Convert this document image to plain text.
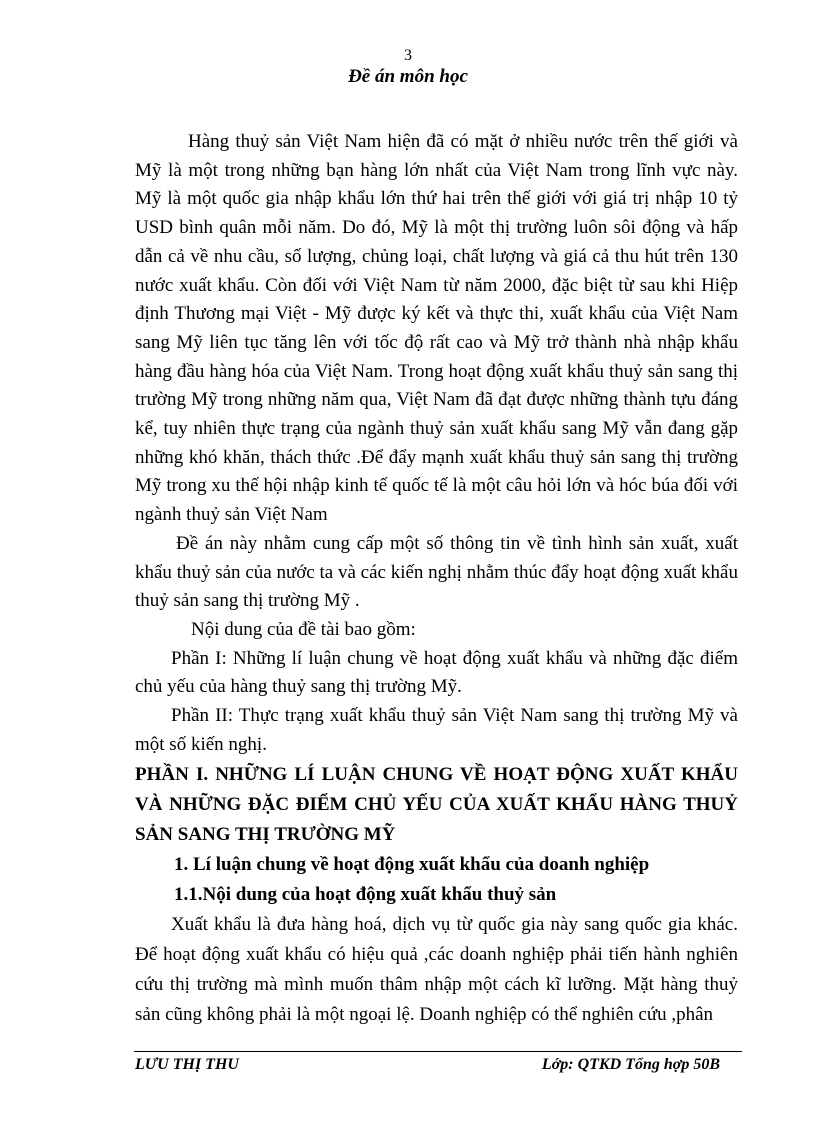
3
Đề án môn học

Hàng thuỷ sản Việt Nam hiện đã có mặt ở nhiều nước trên thế giới và Mỹ là một trong những bạn hàng lớn nhất của Việt Nam trong lĩnh vực này. Mỹ là một quốc gia nhập khẩu lớn thứ hai trên thế giới với giá trị nhập 10 tỷ USD bình quân mỗi năm. Do đó, Mỹ là một thị trường luôn sôi động và hấp dẫn cả về nhu cầu, số lượng, chủng loại, chất lượng và giá cả thu hút trên 130 nước xuất khẩu. Còn đối với Việt Nam từ năm 2000, đặc biệt từ sau khi Hiệp định Thương mại Việt - Mỹ được ký kết và thực thi, xuất khẩu của Việt Nam sang Mỹ liên tục tăng lên với tốc độ rất cao và Mỹ trở thành nhà nhập khẩu hàng đầu hàng hóa của Việt Nam. Trong hoạt động xuất khẩu thuỷ sản sang thị trường Mỹ trong những năm qua, Việt Nam đã đạt được những thành tựu đáng kể, tuy nhiên thực trạng của ngành thuỷ sản xuất khẩu sang Mỹ vẫn đang gặp những khó khăn, thách thức .Để đẩy mạnh xuất khẩu thuỷ sản sang thị trường Mỹ trong xu thế hội nhập kinh tế quốc tế là một câu hỏi lớn và hóc búa đối với ngành thuỷ sản Việt Nam

Đề án này nhằm cung cấp một số thông tin về tình hình sản xuất, xuất khẩu thuỷ sản của nước ta và các kiến nghị nhằm thúc đẩy hoạt động xuất khẩu thuỷ sản sang thị trường Mỹ .

Nội dung của đề tài bao gồm:

Phần I: Những lí luận chung về hoạt động xuất khẩu và những đặc điểm chủ yếu của hàng thuỷ sang thị trường Mỹ.

Phần II: Thực trạng xuất khẩu thuỷ sản Việt Nam sang thị trường Mỹ và một số kiến nghị.

PHẦN I. NHỮNG LÍ LUẬN CHUNG VỀ HOẠT ĐỘNG XUẤT KHẨU VÀ NHỮNG ĐẶC ĐIỂM CHỦ YẾU CỦA XUẤT KHẨU HÀNG THUỶ SẢN SANG THỊ TRƯỜNG MỸ

1. Lí luận chung về hoạt động xuất khẩu của doanh nghiệp

1.1.Nội dung của hoạt động xuất khẩu thuỷ sản

Xuất khẩu là đưa hàng hoá, dịch vụ từ quốc gia này sang quốc gia khác. Để hoạt động xuất khẩu có hiệu quả ,các doanh nghiệp phải tiến hành nghiên cứu thị trường mà mình muốn thâm nhập một cách kĩ lưỡng. Mặt hàng thuỷ sản cũng không phải là một ngoại lệ. Doanh nghiệp có thể nghiên cứu ,phân

LƯU THỊ THU	Lớp: QTKD Tổng hợp 50B
